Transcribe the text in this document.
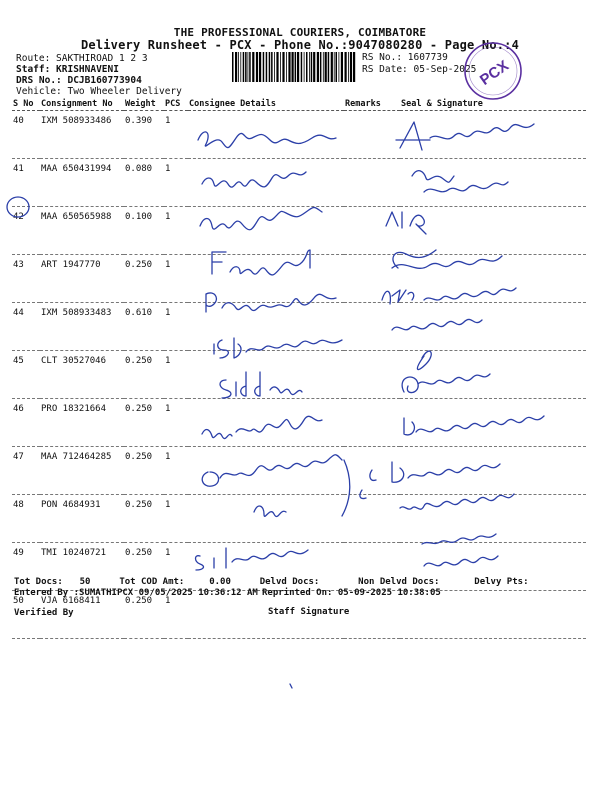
THE PROFESSIONAL COURIERS, COIMBATORE
Delivery Runsheet - PCX - Phone No.:9047080280 - Page No.:4
Route: SAKTHIROAD 1 2 3
Staff: KRISHNAVENI
DRS No.: DCJB160773904
Vehicle: Two Wheeler Delivery
RS No.: 1607739
RS Date: 05-Sep-2025 PCX
S No	Consignment No	Weight	PCS	Consignee Details	Remarks	Seal & Signature
40	IXM 508933486	0.390	1			
41	MAA 650431994	0.080	1			
42	MAA 650565988	0.100	1			
43	ART 1947770	0.250	1			
44	IXM 508933483	0.610	1			
45	CLT 30527046	0.250	1			
46	PRO 18321664	0.250	1			
47	MAA 712464285	0.250	1			
48	PON 4684931	0.250	1			
49	TMI 10240721	0.250	1			
50	VJA 6168411	0.250	1			
Tot Docs: 50	Tot COD Amt:	0.00	Delvd Docs:	Non Delvd Docs:	Delvy Pts:
Entered By :SUMATHIPCX 09/05/2025 10:36:12 AM Reprinted On: 05-09-2025 10:38:05
Verified By	Staff Signature
